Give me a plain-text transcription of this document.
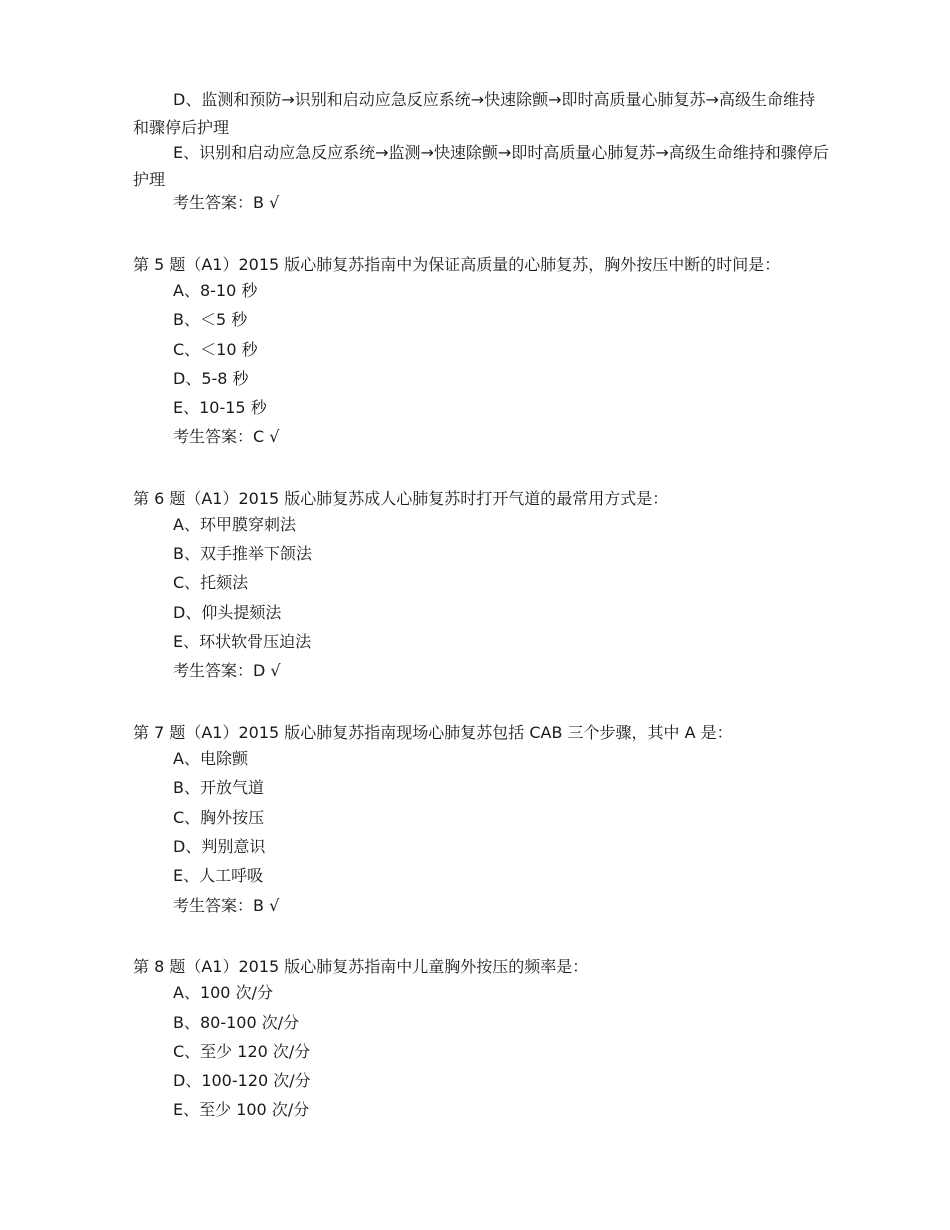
D、监测和预防→识别和启动应急反应系统→快速除颤→即时高质量心肺复苏→高级生命维持
和骤停后护理
E、识别和启动应急反应系统→监测→快速除颤→即时高质量心肺复苏→高级生命维持和骤停后
护理
考生答案：B √
第 5 题（A1）2015 版心肺复苏指南中为保证高质量的心肺复苏，胸外按压中断的时间是：
A、8-10 秒
B、＜5 秒
C、＜10 秒
D、5-8 秒
E、10-15 秒
考生答案：C √
第 6 题（A1）2015 版心肺复苏成人心肺复苏时打开气道的最常用方式是：
A、环甲膜穿刺法
B、双手推举下颌法
C、托颏法
D、仰头提颏法
E、环状软骨压迫法
考生答案：D √
第 7 题（A1）2015 版心肺复苏指南现场心肺复苏包括 CAB 三个步骤，其中 A 是：
A、电除颤
B、开放气道
C、胸外按压
D、判别意识
E、人工呼吸
考生答案：B √
第 8 题（A1）2015 版心肺复苏指南中儿童胸外按压的频率是：
A、100 次/分
B、80-100 次/分
C、至少 120 次/分
D、100-120 次/分
E、至少 100 次/分
